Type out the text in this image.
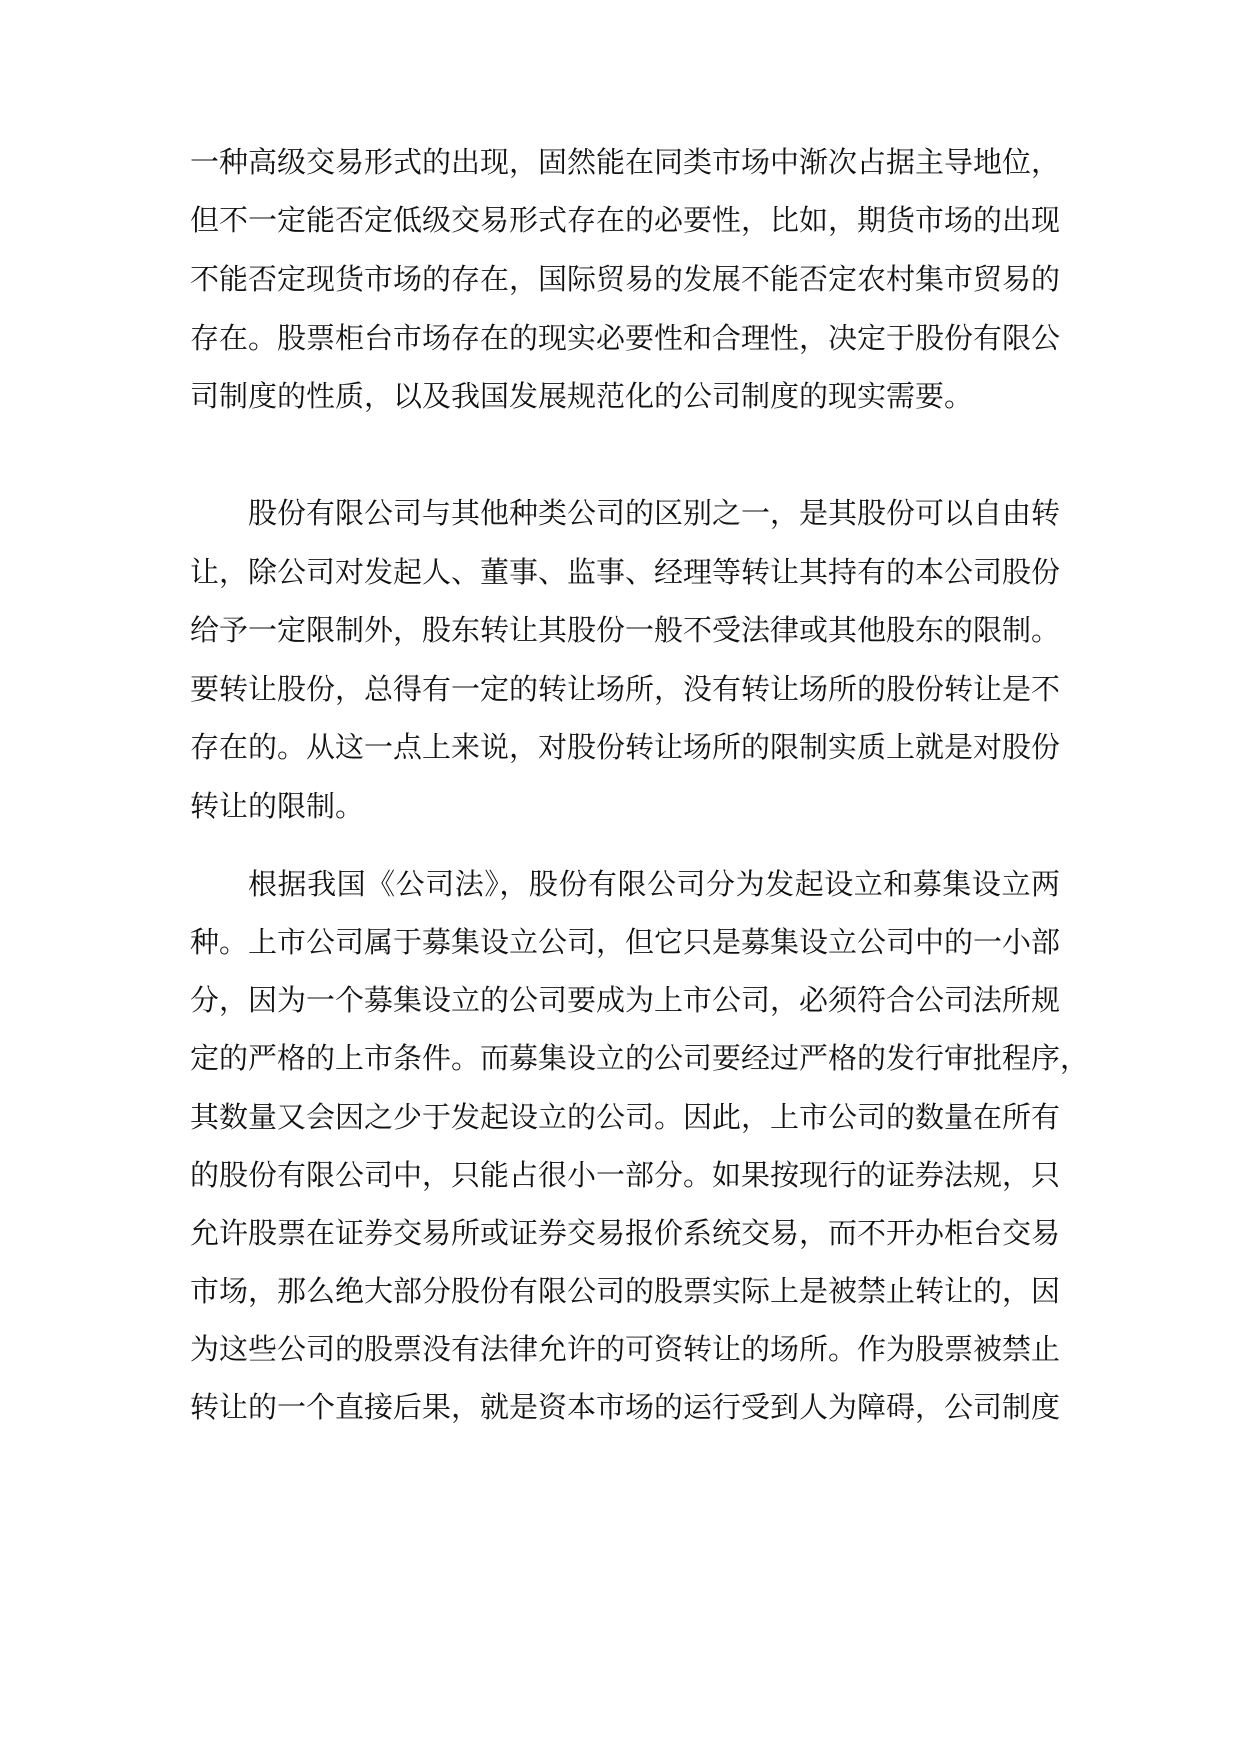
一种高级交易形式的出现，固然能在同类市场中渐次占据主导地位，
但不一定能否定低级交易形式存在的必要性，比如，期货市场的出现
不能否定现货市场的存在，国际贸易的发展不能否定农村集市贸易的
存在。股票柜台市场存在的现实必要性和合理性，决定于股份有限公
司制度的性质，以及我国发展规范化的公司制度的现实需要。
股份有限公司与其他种类公司的区别之一，是其股份可以自由转
让，除公司对发起人、董事、监事、经理等转让其持有的本公司股份
给予一定限制外，股东转让其股份一般不受法律或其他股东的限制。
要转让股份，总得有一定的转让场所，没有转让场所的股份转让是不
存在的。从这一点上来说，对股份转让场所的限制实质上就是对股份
转让的限制。
根据我国《公司法》，股份有限公司分为发起设立和募集设立两
种。上市公司属于募集设立公司，但它只是募集设立公司中的一小部
分，因为一个募集设立的公司要成为上市公司，必须符合公司法所规
定的严格的上市条件。而募集设立的公司要经过严格的发行审批程序，
其数量又会因之少于发起设立的公司。因此，上市公司的数量在所有
的股份有限公司中，只能占很小一部分。如果按现行的证券法规，只
允许股票在证券交易所或证券交易报价系统交易，而不开办柜台交易
市场，那么绝大部分股份有限公司的股票实际上是被禁止转让的，因
为这些公司的股票没有法律允许的可资转让的场所。作为股票被禁止
转让的一个直接后果，就是资本市场的运行受到人为障碍，公司制度
